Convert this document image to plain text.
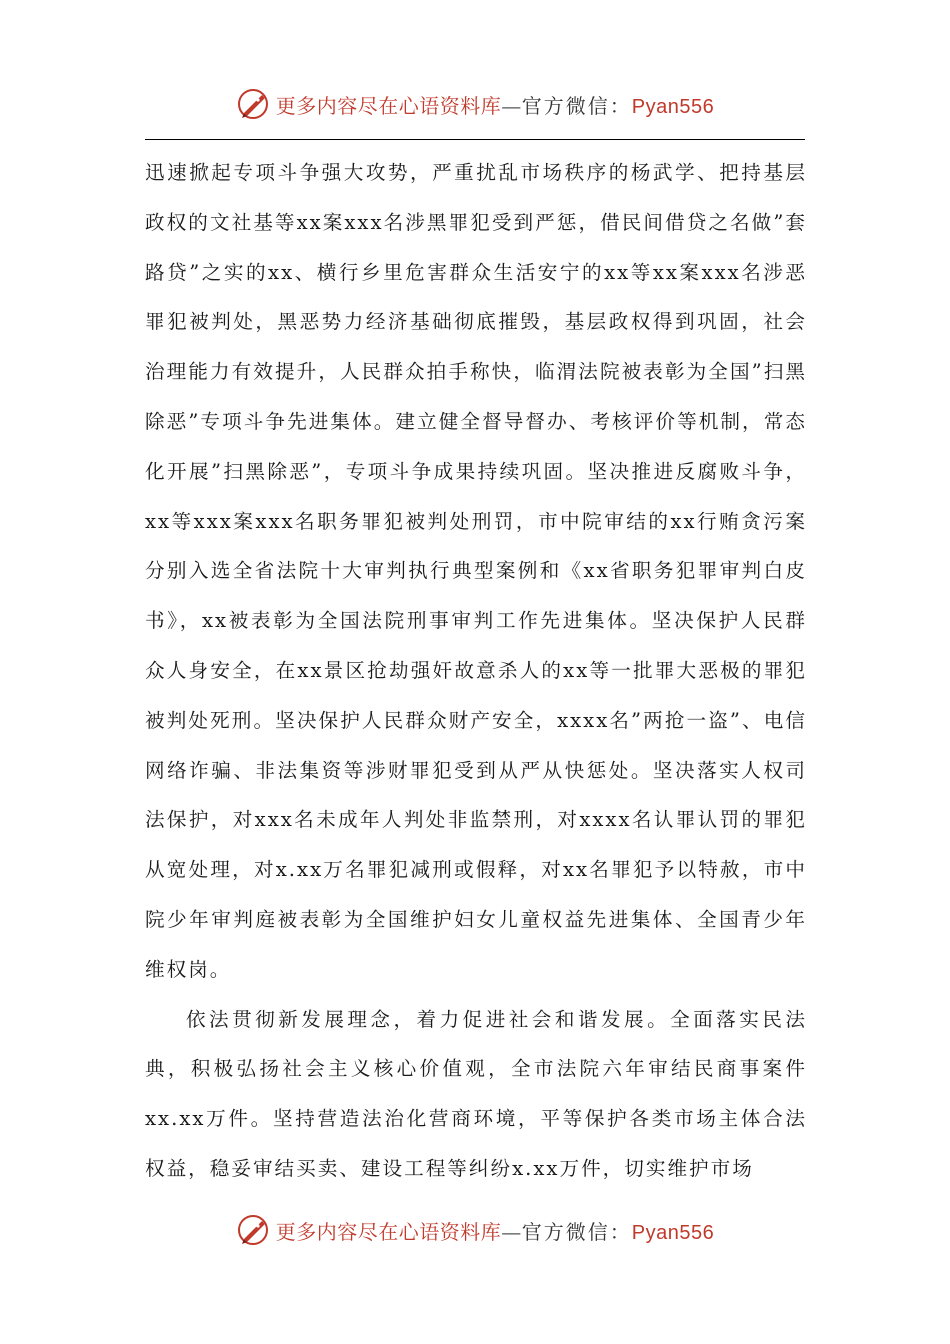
更多内容尽在心语资料库—官方微信：Pyan556

迅速掀起专项斗争强大攻势，严重扰乱市场秩序的杨武学、把持基层政权的文社基等xx案xxx名涉黑罪犯受到严惩，借民间借贷之名做”套路贷”之实的xx、横行乡里危害群众生活安宁的xx等xx案xxx名涉恶罪犯被判处，黑恶势力经济基础彻底摧毁，基层政权得到巩固，社会治理能力有效提升，人民群众拍手称快，临渭法院被表彰为全国”扫黑除恶”专项斗争先进集体。建立健全督导督办、考核评价等机制，常态化开展”扫黑除恶”，专项斗争成果持续巩固。坚决推进反腐败斗争，xx等xxx案xxx名职务罪犯被判处刑罚，市中院审结的xx行贿贪污案分别入选全省法院十大审判执行典型案例和《xx省职务犯罪审判白皮书》，xx被表彰为全国法院刑事审判工作先进集体。坚决保护人民群众人身安全，在xx景区抢劫强奸故意杀人的xx等一批罪大恶极的罪犯被判处死刑。坚决保护人民群众财产安全，xxxx名”两抢一盗”、电信网络诈骗、非法集资等涉财罪犯受到从严从快惩处。坚决落实人权司法保护，对xxx名未成年人判处非监禁刑，对xxxx名认罪认罚的罪犯从宽处理，对x.xx万名罪犯减刑或假释，对xx名罪犯予以特赦，市中院少年审判庭被表彰为全国维护妇女儿童权益先进集体、全国青少年维权岗。

依法贯彻新发展理念，着力促进社会和谐发展。全面落实民法典，积极弘扬社会主义核心价值观，全市法院六年审结民商事案件xx.xx万件。坚持营造法治化营商环境，平等保护各类市场主体合法权益，稳妥审结买卖、建设工程等纠纷x.xx万件，切实维护市场

更多内容尽在心语资料库—官方微信：Pyan556
